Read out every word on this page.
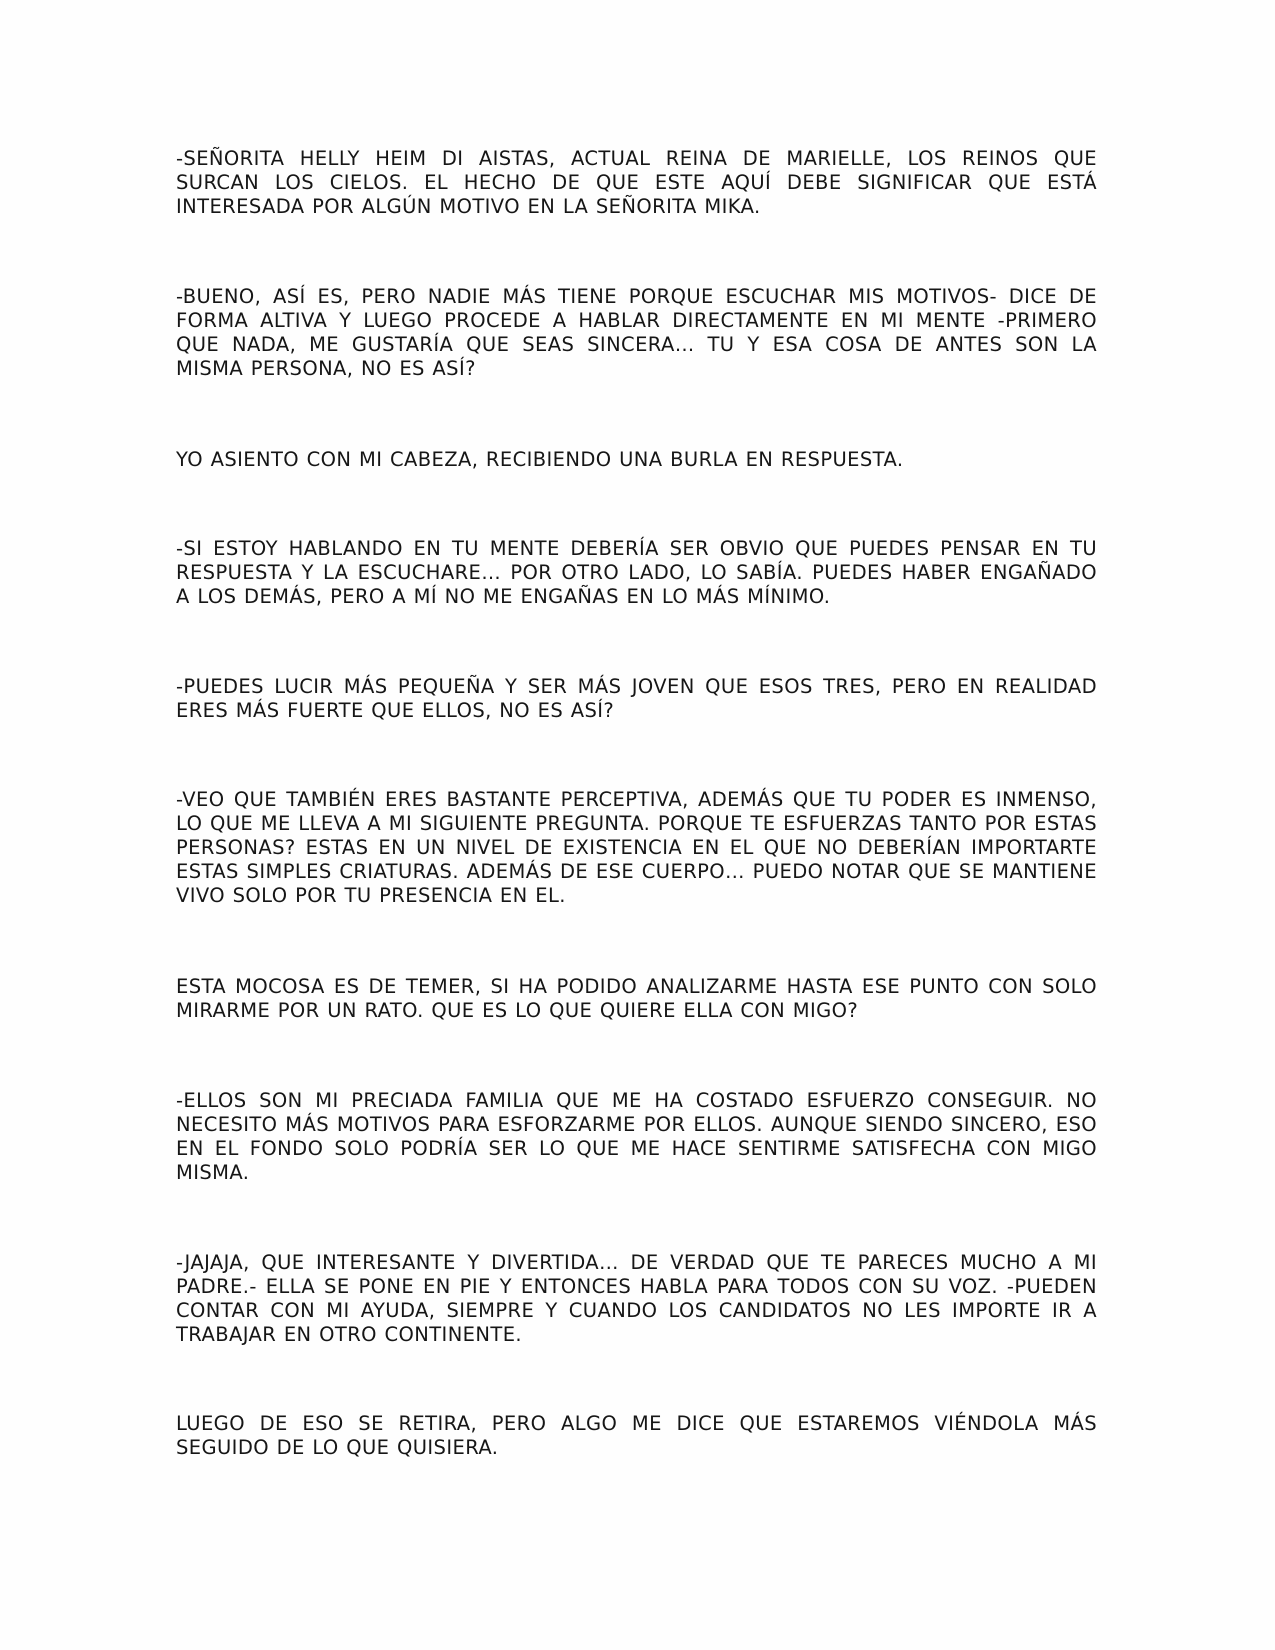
-SEÑORITA HELLY HEIM DI AISTAS, ACTUAL REINA DE MARIELLE, LOS REINOS QUE SURCAN LOS CIELOS. EL HECHO DE QUE ESTE AQUÍ DEBE SIGNIFICAR QUE ESTÁ INTERESADA POR ALGÚN MOTIVO EN LA SEÑORITA MIKA.

-BUENO, ASÍ ES, PERO NADIE MÁS TIENE PORQUE ESCUCHAR MIS MOTIVOS- DICE DE FORMA ALTIVA Y LUEGO PROCEDE A HABLAR DIRECTAMENTE EN MI MENTE -PRIMERO QUE NADA, ME GUSTARÍA QUE SEAS SINCERA… TU Y ESA COSA DE ANTES SON LA MISMA PERSONA, NO ES ASÍ?

YO ASIENTO CON MI CABEZA, RECIBIENDO UNA BURLA EN RESPUESTA.

-SI ESTOY HABLANDO EN TU MENTE DEBERÍA SER OBVIO QUE PUEDES PENSAR EN TU RESPUESTA Y LA ESCUCHARE… POR OTRO LADO, LO SABÍA. PUEDES HABER ENGAÑADO A LOS DEMÁS, PERO A MÍ NO ME ENGAÑAS EN LO MÁS MÍNIMO.

-PUEDES LUCIR MÁS PEQUEÑA Y SER MÁS JOVEN QUE ESOS TRES, PERO EN REALIDAD ERES MÁS FUERTE QUE ELLOS, NO ES ASÍ?

-VEO QUE TAMBIÉN ERES BASTANTE PERCEPTIVA, ADEMÁS QUE TU PODER ES INMENSO, LO QUE ME LLEVA A MI SIGUIENTE PREGUNTA. PORQUE TE ESFUERZAS TANTO POR ESTAS PERSONAS? ESTAS EN UN NIVEL DE EXISTENCIA EN EL QUE NO DEBERÍAN IMPORTARTE ESTAS SIMPLES CRIATURAS. ADEMÁS DE ESE CUERPO… PUEDO NOTAR QUE SE MANTIENE VIVO SOLO POR TU PRESENCIA EN EL.

ESTA MOCOSA ES DE TEMER, SI HA PODIDO ANALIZARME HASTA ESE PUNTO CON SOLO MIRARME POR UN RATO. QUE ES LO QUE QUIERE ELLA CON MIGO?

-ELLOS SON MI PRECIADA FAMILIA QUE ME HA COSTADO ESFUERZO CONSEGUIR. NO NECESITO MÁS MOTIVOS PARA ESFORZARME POR ELLOS. AUNQUE SIENDO SINCERO, ESO EN EL FONDO SOLO PODRÍA SER LO QUE ME HACE SENTIRME SATISFECHA CON MIGO MISMA.

-JAJAJA, QUE INTERESANTE Y DIVERTIDA… DE VERDAD QUE TE PARECES MUCHO A MI PADRE.- ELLA SE PONE EN PIE Y ENTONCES HABLA PARA TODOS CON SU VOZ. -PUEDEN CONTAR CON MI AYUDA, SIEMPRE Y CUANDO LOS CANDIDATOS NO LES IMPORTE IR A TRABAJAR EN OTRO CONTINENTE.

LUEGO DE ESO SE RETIRA, PERO ALGO ME DICE QUE ESTAREMOS VIÉNDOLA MÁS SEGUIDO DE LO QUE QUISIERA.
